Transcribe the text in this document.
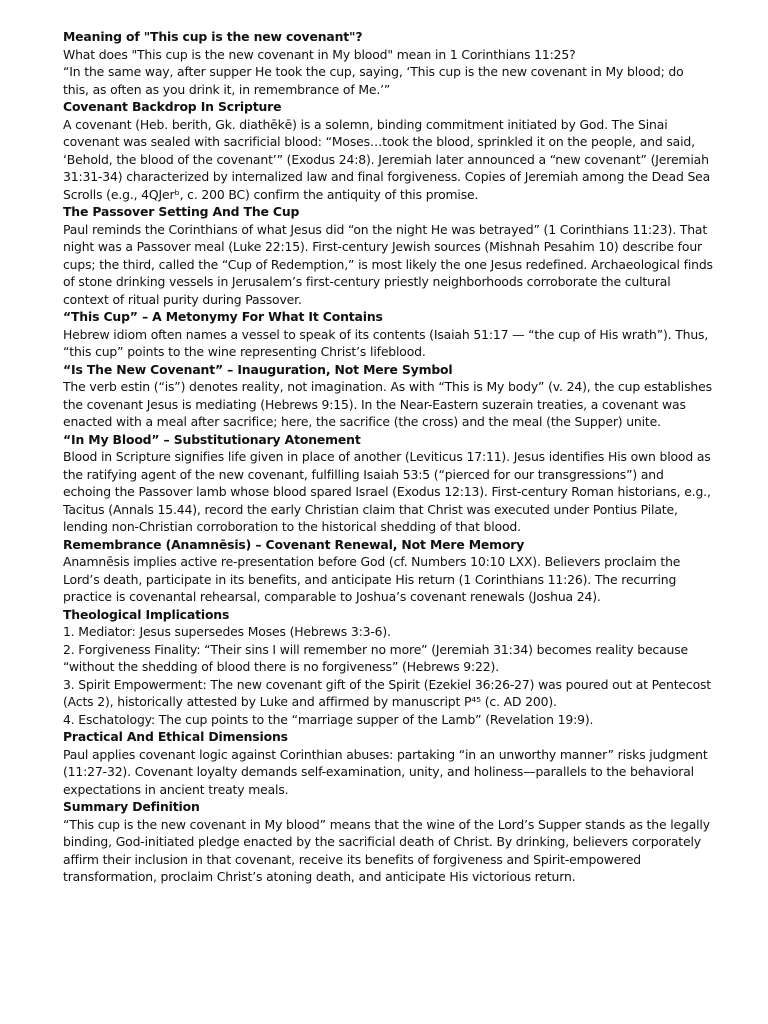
Meaning of "This cup is the new covenant"?

What does "This cup is the new covenant in My blood" mean in 1 Corinthians 11:25?

“In the same way, after supper He took the cup, saying, ‘This cup is the new covenant in My blood; do this, as often as you drink it, in remembrance of Me.’”

Covenant Backdrop In Scripture

A covenant (Heb. berith, Gk. diathēkē) is a solemn, binding commitment initiated by God. The Sinai covenant was sealed with sacrificial blood: “Moses…took the blood, sprinkled it on the people, and said, ‘Behold, the blood of the covenant’” (Exodus 24:8). Jeremiah later announced a “new covenant” (Jeremiah 31:31-34) characterized by internalized law and final forgiveness. Copies of Jeremiah among the Dead Sea Scrolls (e.g., 4QJerᵇ, c. 200 BC) confirm the antiquity of this promise.

The Passover Setting And The Cup

Paul reminds the Corinthians of what Jesus did “on the night He was betrayed” (1 Corinthians 11:23). That night was a Passover meal (Luke 22:15). First-century Jewish sources (Mishnah Pesahim 10) describe four cups; the third, called the “Cup of Redemption,” is most likely the one Jesus redefined. Archaeological finds of stone drinking vessels in Jerusalem’s first-century priestly neighborhoods corroborate the cultural context of ritual purity during Passover.

“This Cup” – A Metonymy For What It Contains

Hebrew idiom often names a vessel to speak of its contents (Isaiah 51:17 — “the cup of His wrath”). Thus, “this cup” points to the wine representing Christ’s lifeblood.

“Is The New Covenant” – Inauguration, Not Mere Symbol

The verb estin (“is”) denotes reality, not imagination. As with “This is My body” (v. 24), the cup establishes the covenant Jesus is mediating (Hebrews 9:15). In the Near-Eastern suzerain treaties, a covenant was enacted with a meal after sacrifice; here, the sacrifice (the cross) and the meal (the Supper) unite.

“In My Blood” – Substitutionary Atonement

Blood in Scripture signifies life given in place of another (Leviticus 17:11). Jesus identifies His own blood as the ratifying agent of the new covenant, fulfilling Isaiah 53:5 (“pierced for our transgressions”) and echoing the Passover lamb whose blood spared Israel (Exodus 12:13). First-century Roman historians, e.g., Tacitus (Annals 15.44), record the early Christian claim that Christ was executed under Pontius Pilate, lending non-Christian corroboration to the historical shedding of that blood.

Remembrance (Anamnēsis) – Covenant Renewal, Not Mere Memory

Anamnēsis implies active re-presentation before God (cf. Numbers 10:10 LXX). Believers proclaim the Lord’s death, participate in its benefits, and anticipate His return (1 Corinthians 11:26). The recurring practice is covenantal rehearsal, comparable to Joshua’s covenant renewals (Joshua 24).

Theological Implications

1. Mediator: Jesus supersedes Moses (Hebrews 3:3-6).

2. Forgiveness Finality: “Their sins I will remember no more” (Jeremiah 31:34) becomes reality because “without the shedding of blood there is no forgiveness” (Hebrews 9:22).

3. Spirit Empowerment: The new covenant gift of the Spirit (Ezekiel 36:26-27) was poured out at Pentecost (Acts 2), historically attested by Luke and affirmed by manuscript P⁴⁵ (c. AD 200).

4. Eschatology: The cup points to the “marriage supper of the Lamb” (Revelation 19:9).

Practical And Ethical Dimensions

Paul applies covenant logic against Corinthian abuses: partaking “in an unworthy manner” risks judgment (11:27-32). Covenant loyalty demands self-examination, unity, and holiness—parallels to the behavioral expectations in ancient treaty meals.

Summary Definition

“This cup is the new covenant in My blood” means that the wine of the Lord’s Supper stands as the legally binding, God-initiated pledge enacted by the sacrificial death of Christ. By drinking, believers corporately affirm their inclusion in that covenant, receive its benefits of forgiveness and Spirit-empowered transformation, proclaim Christ’s atoning death, and anticipate His victorious return.
